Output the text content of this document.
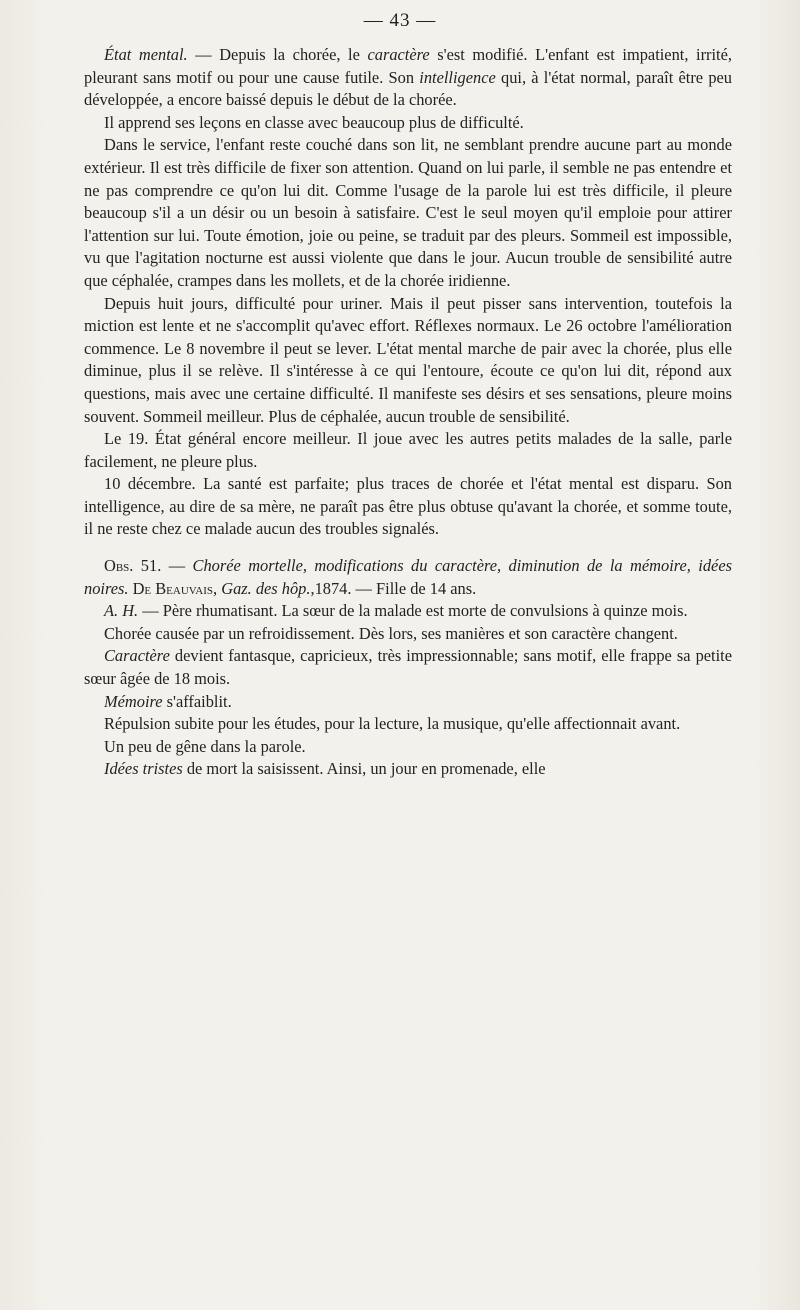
— 43 —

État mental. — Depuis la chorée, le caractère s'est modifié. L'enfant est impatient, irrité, pleurant sans motif ou pour une cause futile. Son intelligence qui, à l'état normal, paraît être peu développée, a encore baissé depuis le début de la chorée.

Il apprend ses leçons en classe avec beaucoup plus de difficulté.

Dans le service, l'enfant reste couché dans son lit, ne semblant prendre aucune part au monde extérieur. Il est très difficile de fixer son attention. Quand on lui parle, il semble ne pas entendre et ne pas comprendre ce qu'on lui dit. Comme l'usage de la parole lui est très difficile, il pleure beaucoup s'il a un désir ou un besoin à satisfaire. C'est le seul moyen qu'il emploie pour attirer l'attention sur lui. Toute émotion, joie ou peine, se traduit par des pleurs. Sommeil est impossible, vu que l'agitation nocturne est aussi violente que dans le jour. Aucun trouble de sensibilité autre que céphalée, crampes dans les mollets, et de la chorée iridienne.

Depuis huit jours, difficulté pour uriner. Mais il peut pisser sans intervention, toutefois la miction est lente et ne s'accomplit qu'avec effort. Réflexes normaux. Le 26 octobre l'amélioration commence. Le 8 novembre il peut se lever. L'état mental marche de pair avec la chorée, plus elle diminue, plus il se relève. Il s'intéresse à ce qui l'entoure, écoute ce qu'on lui dit, répond aux questions, mais avec une certaine difficulté. Il manifeste ses désirs et ses sensations, pleure moins souvent. Sommeil meilleur. Plus de céphalée, aucun trouble de sensibilité.

Le 19. État général encore meilleur. Il joue avec les autres petits malades de la salle, parle facilement, ne pleure plus.

10 décembre. La santé est parfaite; plus traces de chorée et l'état mental est disparu. Son intelligence, au dire de sa mère, ne paraît pas être plus obtuse qu'avant la chorée, et somme toute, il ne reste chez ce malade aucun des troubles signalés.

Obs. 51. — Chorée mortelle, modifications du caractère, diminution de la mémoire, idées noires. De Beauvais, Gaz. des hôp.,1874. — Fille de 14 ans.

A. H. — Père rhumatisant. La sœur de la malade est morte de convulsions à quinze mois.

Chorée causée par un refroidissement. Dès lors, ses manières et son caractère changent.

Caractère devient fantasque, capricieux, très impressionnable; sans motif, elle frappe sa petite sœur âgée de 18 mois.

Mémoire s'affaiblit.

Répulsion subite pour les études, pour la lecture, la musique, qu'elle affectionnait avant.

Un peu de gêne dans la parole.

Idées tristes de mort la saisissent. Ainsi, un jour en promenade, elle
